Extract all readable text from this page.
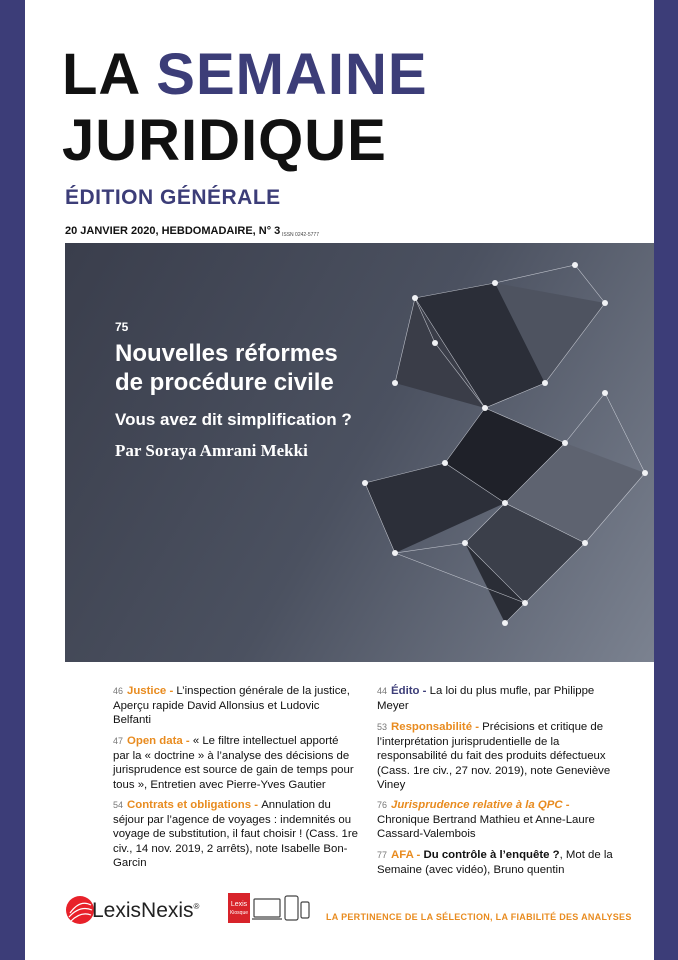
LA SEMAINE
JURIDIQUE
ÉDITION GÉNÉRALE
20 JANVIER 2020, HEBDOMADAIRE, N° 3 ISSN 0242-5777
75
Nouvelles réformes
de procédure civile
Vous avez dit simplification ?
Par Soraya Amrani Mekki
46 Justice - L’inspection générale de la justice, Aperçu rapide David Allonsius et Ludovic Belfanti
47 Open data - « Le filtre intellectuel apporté par la « doctrine » à l’analyse des décisions de jurisprudence est source de gain de temps pour tous », Entretien avec Pierre-Yves Gautier
54 Contrats et obligations - Annulation du séjour par l’agence de voyages : indemnités ou voyage de substitution, il faut choisir ! (Cass. 1re civ., 14 nov. 2019, 2 arrêts), note Isabelle Bon-Garcin
44 Édito - La loi du plus mufle, par Philippe Meyer
53 Responsabilité - Précisions et critique de l’interprétation jurisprudentielle de la responsabilité du fait des produits défectueux (Cass. 1re civ., 27 nov. 2019), note Geneviève Viney
76 Jurisprudence relative à la QPC - Chronique Bertrand Mathieu et Anne-Laure Cassard-Valembois
77 AFA - Du contrôle à l’enquête ?, Mot de la Semaine (avec vidéo), Bruno quentin
LexisNexis®	Lexis
Kiosque	LA PERTINENCE DE LA SÉLECTION, LA FIABILITÉ DES ANALYSES
